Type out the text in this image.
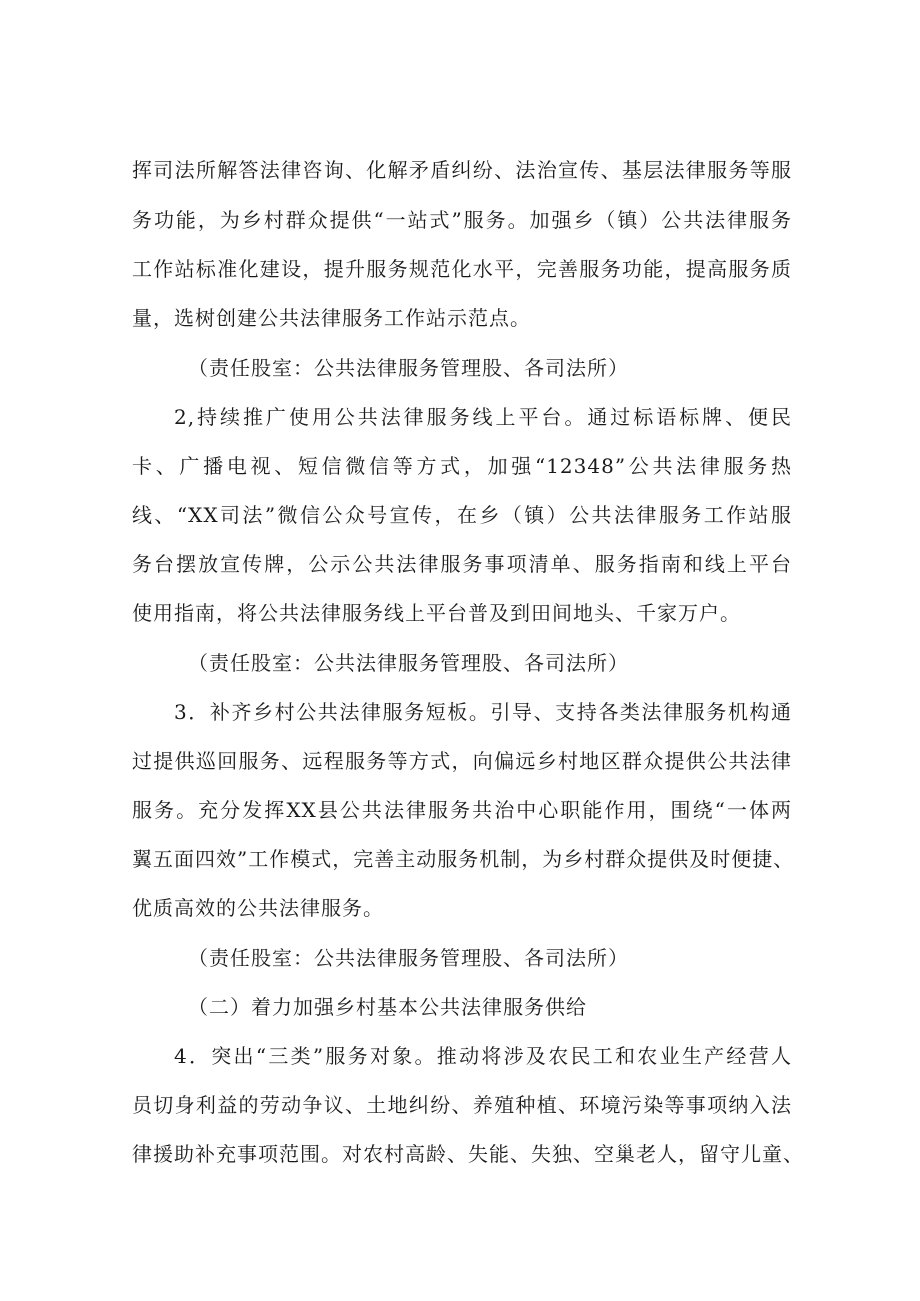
挥司法所解答法律咨询、化解矛盾纠纷、法治宣传、基层法律服务等服
务功能，为乡村群众提供“一站式”服务。加强乡（镇）公共法律服务
工作站标准化建设，提升服务规范化水平，完善服务功能，提高服务质
量，选树创建公共法律服务工作站示范点。
（责任股室：公共法律服务管理股、各司法所）
2,持续推广使用公共法律服务线上平台。通过标语标牌、便民
卡、广播电视、短信微信等方式，加强“12348”公共法律服务热
线、“XX司法”微信公众号宣传，在乡（镇）公共法律服务工作站服
务台摆放宣传牌，公示公共法律服务事项清单、服务指南和线上平台
使用指南，将公共法律服务线上平台普及到田间地头、千家万户。
（责任股室：公共法律服务管理股、各司法所）
3．补齐乡村公共法律服务短板。引导、支持各类法律服务机构通
过提供巡回服务、远程服务等方式，向偏远乡村地区群众提供公共法律
服务。充分发挥XX县公共法律服务共治中心职能作用，围绕“一体两
翼五面四效”工作模式，完善主动服务机制，为乡村群众提供及时便捷、
优质高效的公共法律服务。
（责任股室：公共法律服务管理股、各司法所）
（二）着力加强乡村基本公共法律服务供给
4．突出“三类”服务对象。推动将涉及农民工和农业生产经营人
员切身利益的劳动争议、土地纠纷、养殖种植、环境污染等事项纳入法
律援助补充事项范围。对农村高龄、失能、失独、空巢老人，留守儿童、
